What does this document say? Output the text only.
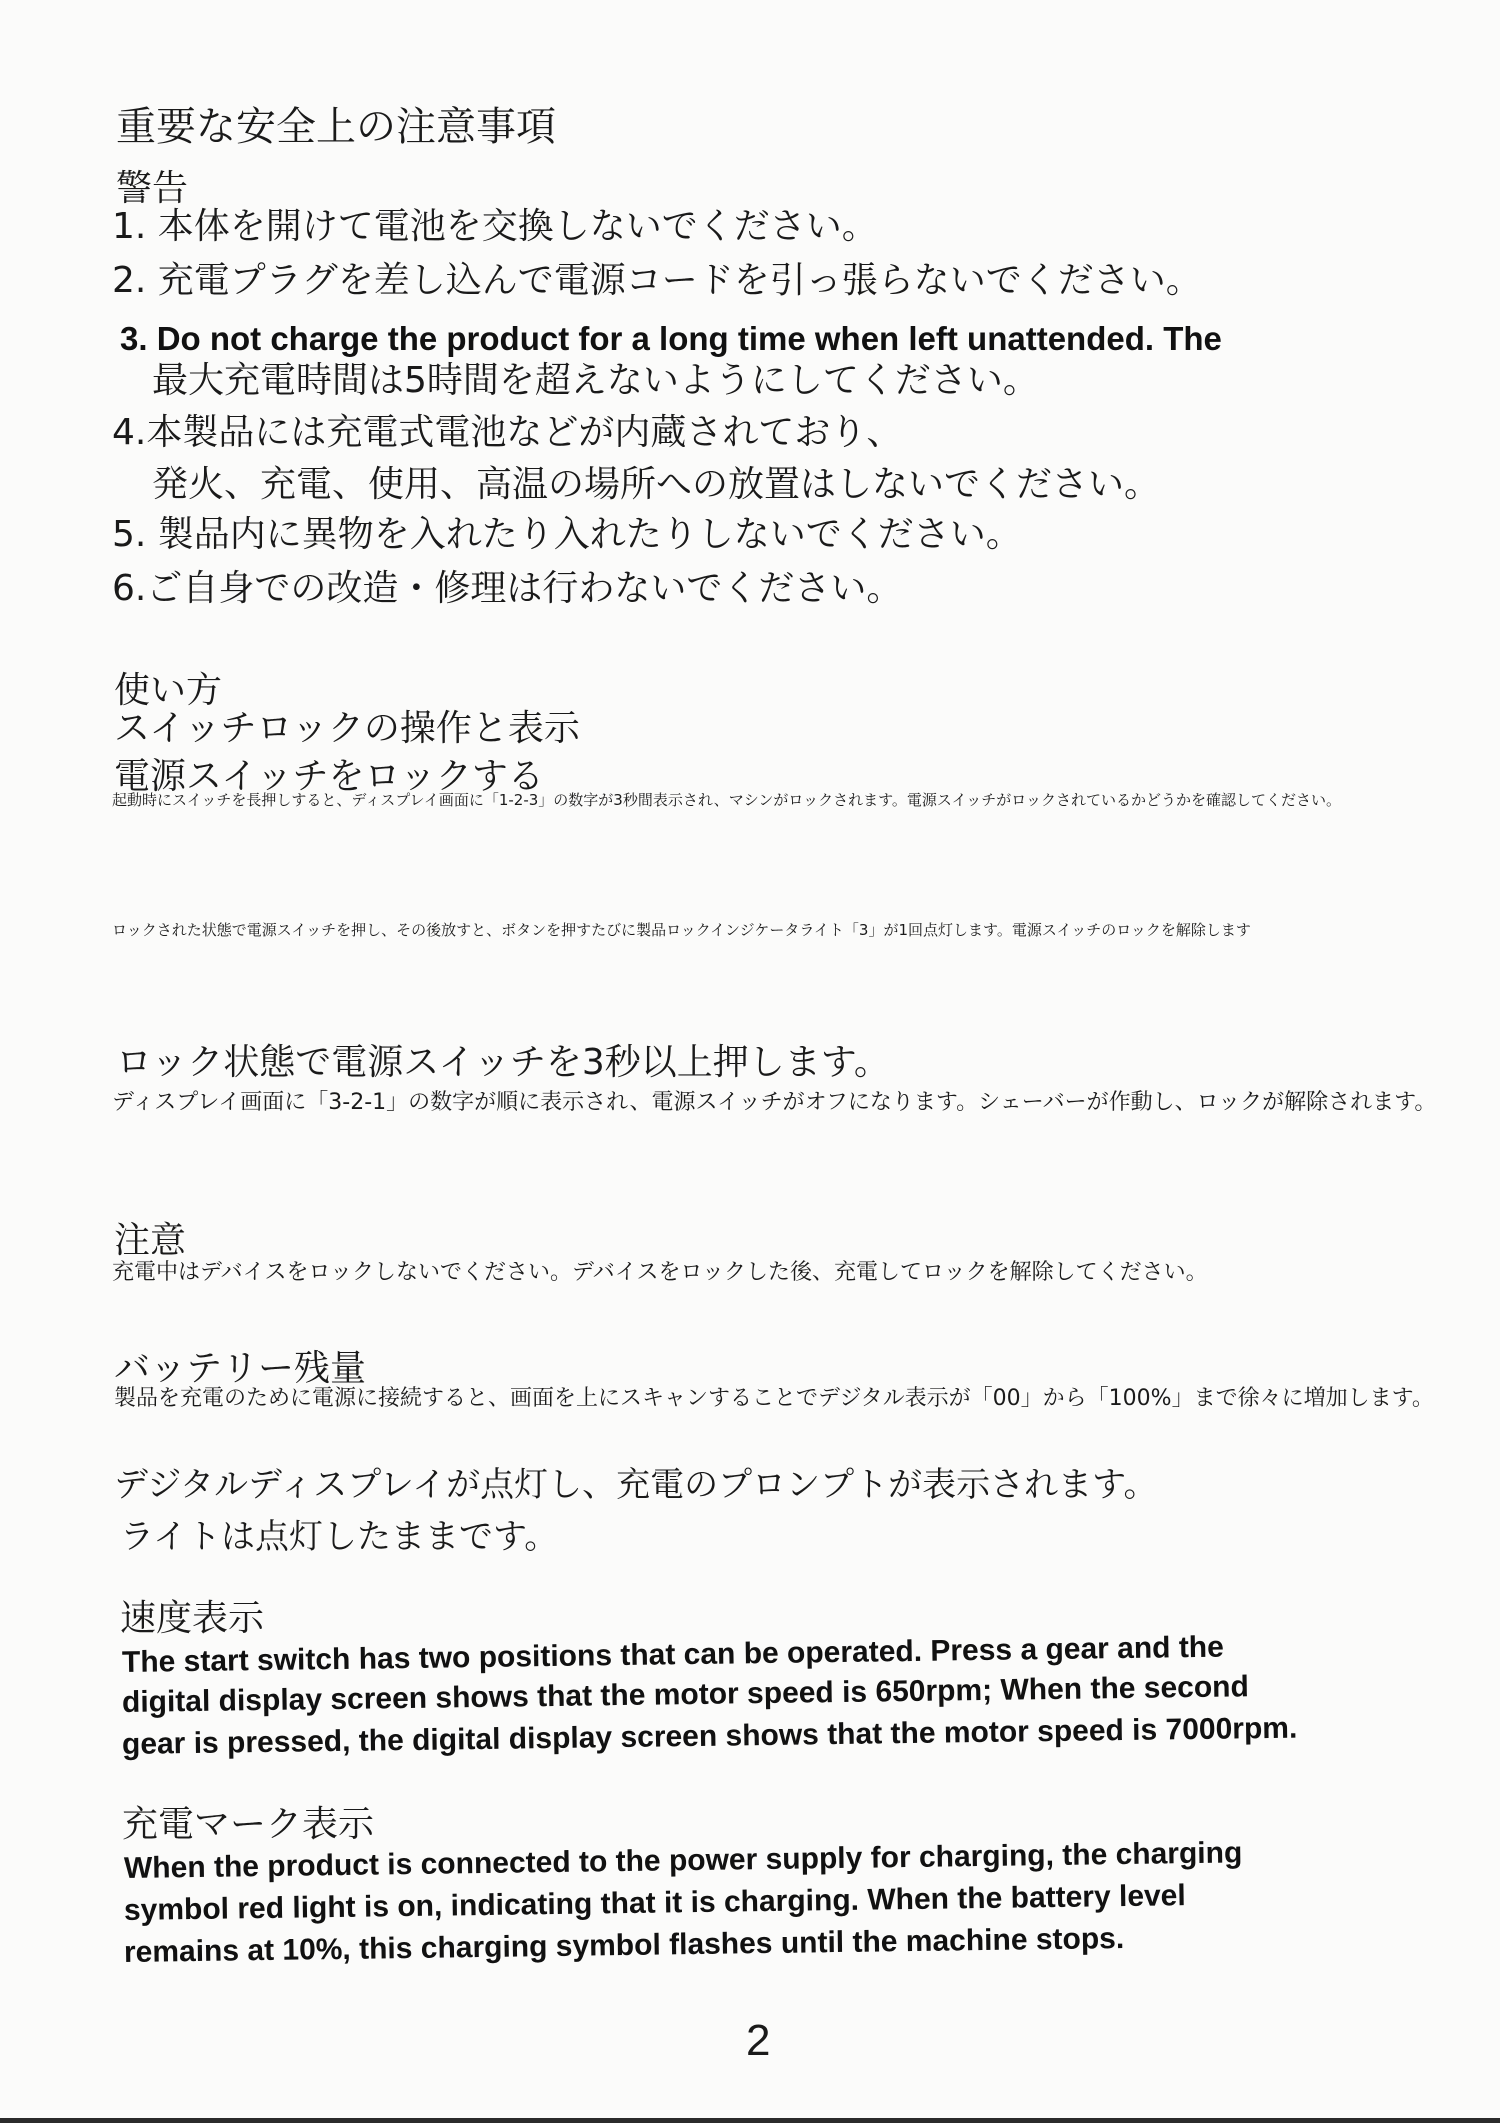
重要な安全上の注意事項
警告
1. 本体を開けて電池を交換しないでください。
2. 充電プラグを差し込んで電源コードを引っ張らないでください。
3. Do not charge the product for a long time when left unattended. The
最大充電時間は5時間を超えないようにしてください。
4.本製品には充電式電池などが内蔵されており、
発火、充電、使用、高温の場所への放置はしないでください。
5. 製品内に異物を入れたり入れたりしないでください。
6.ご自身での改造・修理は行わないでください。
使い方
スイッチロックの操作と表示
電源スイッチをロックする
起動時にスイッチを長押しすると、ディスプレイ画面に「1-2-3」の数字が3秒間表示され、マシンがロックされます。電源スイッチがロックされているかどうかを確認してください。
ロックされた状態で電源スイッチを押し、その後放すと、ボタンを押すたびに製品ロックインジケータライト「3」が1回点灯します。電源スイッチのロックを解除します
ロック状態で電源スイッチを3秒以上押します。
ディスプレイ画面に「3-2-1」の数字が順に表示され、電源スイッチがオフになります。シェーバーが作動し、ロックが解除されます。
注意
充電中はデバイスをロックしないでください。デバイスをロックした後、充電してロックを解除してください。
バッテリー残量
製品を充電のために電源に接続すると、画面を上にスキャンすることでデジタル表示が「00」から「100%」まで徐々に増加します。
デジタルディスプレイが点灯し、充電のプロンプトが表示されます。
ライトは点灯したままです。
速度表示
The start switch has two positions that can be operated. Press a gear and the
digital display screen shows that the motor speed is 650rpm; When the second
gear is pressed, the digital display screen shows that the motor speed is 7000rpm.
充電マーク表示
When the product is connected to the power supply for charging, the charging
symbol red light is on, indicating that it is charging. When the battery level
remains at 10%, this charging symbol flashes until the machine stops.
2
